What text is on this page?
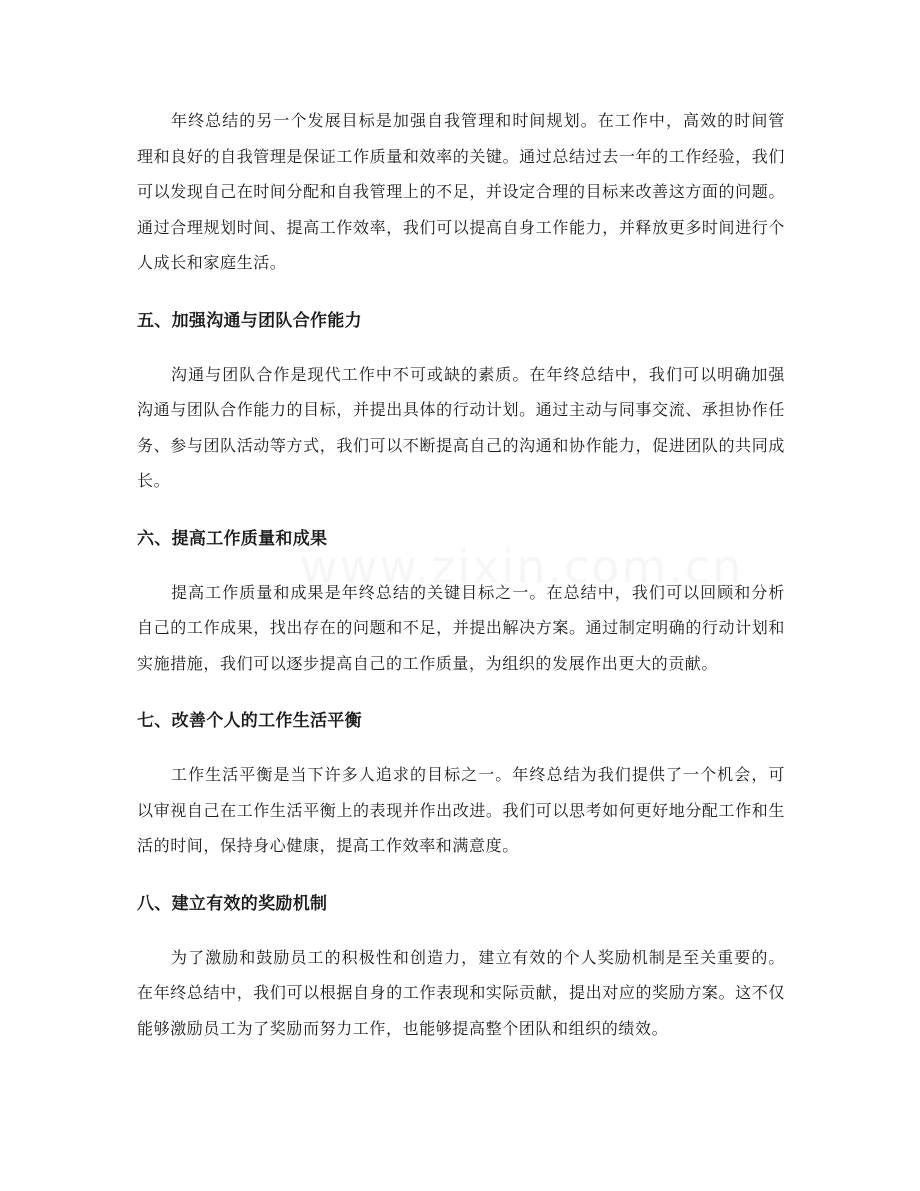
年终总结的另一个发展目标是加强自我管理和时间规划。在工作中，高效的时间管理和良好的自我管理是保证工作质量和效率的关键。通过总结过去一年的工作经验，我们可以发现自己在时间分配和自我管理上的不足，并设定合理的目标来改善这方面的问题。通过合理规划时间、提高工作效率，我们可以提高自身工作能力，并释放更多时间进行个人成长和家庭生活。

五、加强沟通与团队合作能力

沟通与团队合作是现代工作中不可或缺的素质。在年终总结中，我们可以明确加强沟通与团队合作能力的目标，并提出具体的行动计划。通过主动与同事交流、承担协作任务、参与团队活动等方式，我们可以不断提高自己的沟通和协作能力，促进团队的共同成长。

六、提高工作质量和成果

提高工作质量和成果是年终总结的关键目标之一。在总结中，我们可以回顾和分析自己的工作成果，找出存在的问题和不足，并提出解决方案。通过制定明确的行动计划和实施措施，我们可以逐步提高自己的工作质量，为组织的发展作出更大的贡献。

七、改善个人的工作生活平衡

工作生活平衡是当下许多人追求的目标之一。年终总结为我们提供了一个机会，可以审视自己在工作生活平衡上的表现并作出改进。我们可以思考如何更好地分配工作和生活的时间，保持身心健康，提高工作效率和满意度。

八、建立有效的奖励机制

为了激励和鼓励员工的积极性和创造力，建立有效的个人奖励机制是至关重要的。在年终总结中，我们可以根据自身的工作表现和实际贡献，提出对应的奖励方案。这不仅能够激励员工为了奖励而努力工作，也能够提高整个团队和组织的绩效。
